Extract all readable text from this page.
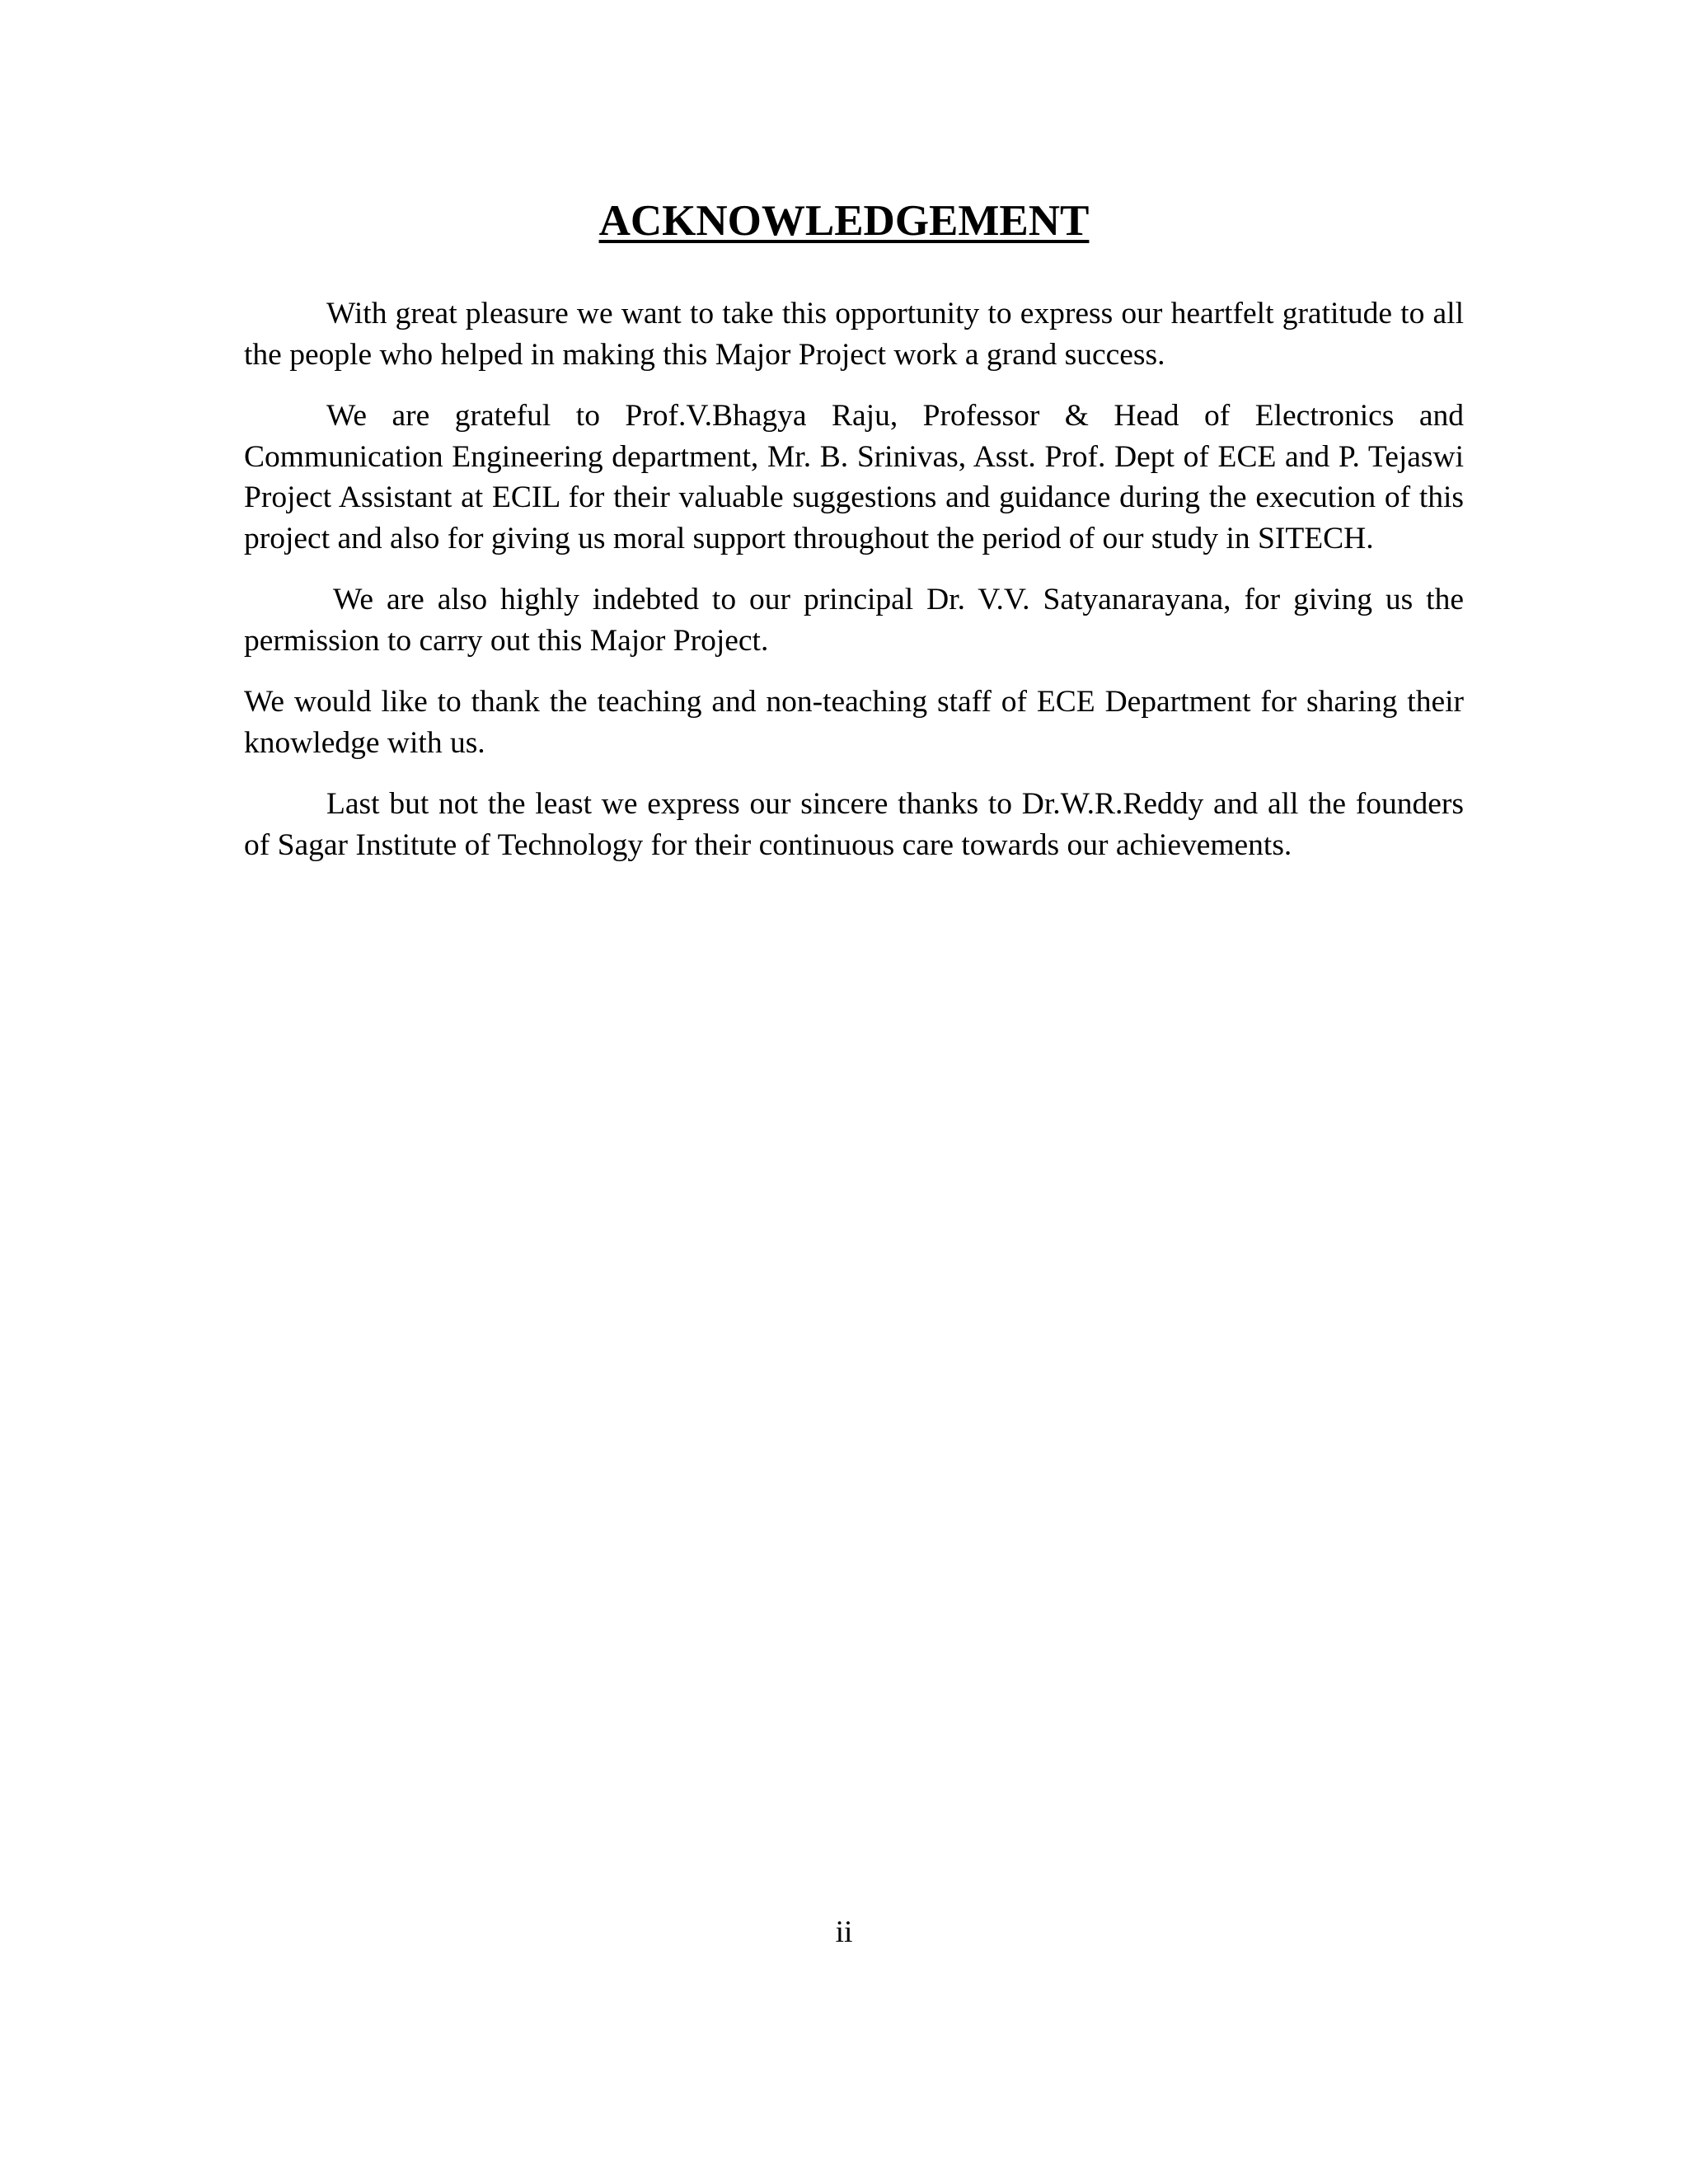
ACKNOWLEDGEMENT

With great pleasure we want to take this opportunity to express our heartfelt gratitude to all the people who helped in making this Major Project work a grand success.

We are grateful to Prof.V.Bhagya Raju, Professor & Head of Electronics and Communication Engineering department, Mr. B. Srinivas, Asst. Prof. Dept of ECE and P. Tejaswi Project Assistant at ECIL for their valuable suggestions and guidance during the execution of this project and also for giving us moral support throughout the period of our study in SITECH.

We are also highly indebted to our principal Dr. V.V. Satyanarayana, for giving us the permission to carry out this Major Project.

We would like to thank the teaching and non-teaching staff of ECE Department for sharing their knowledge with us.

Last but not the least we express our sincere thanks to Dr.W.R.Reddy and all the founders of Sagar Institute of Technology for their continuous care towards our achievements.

ii
